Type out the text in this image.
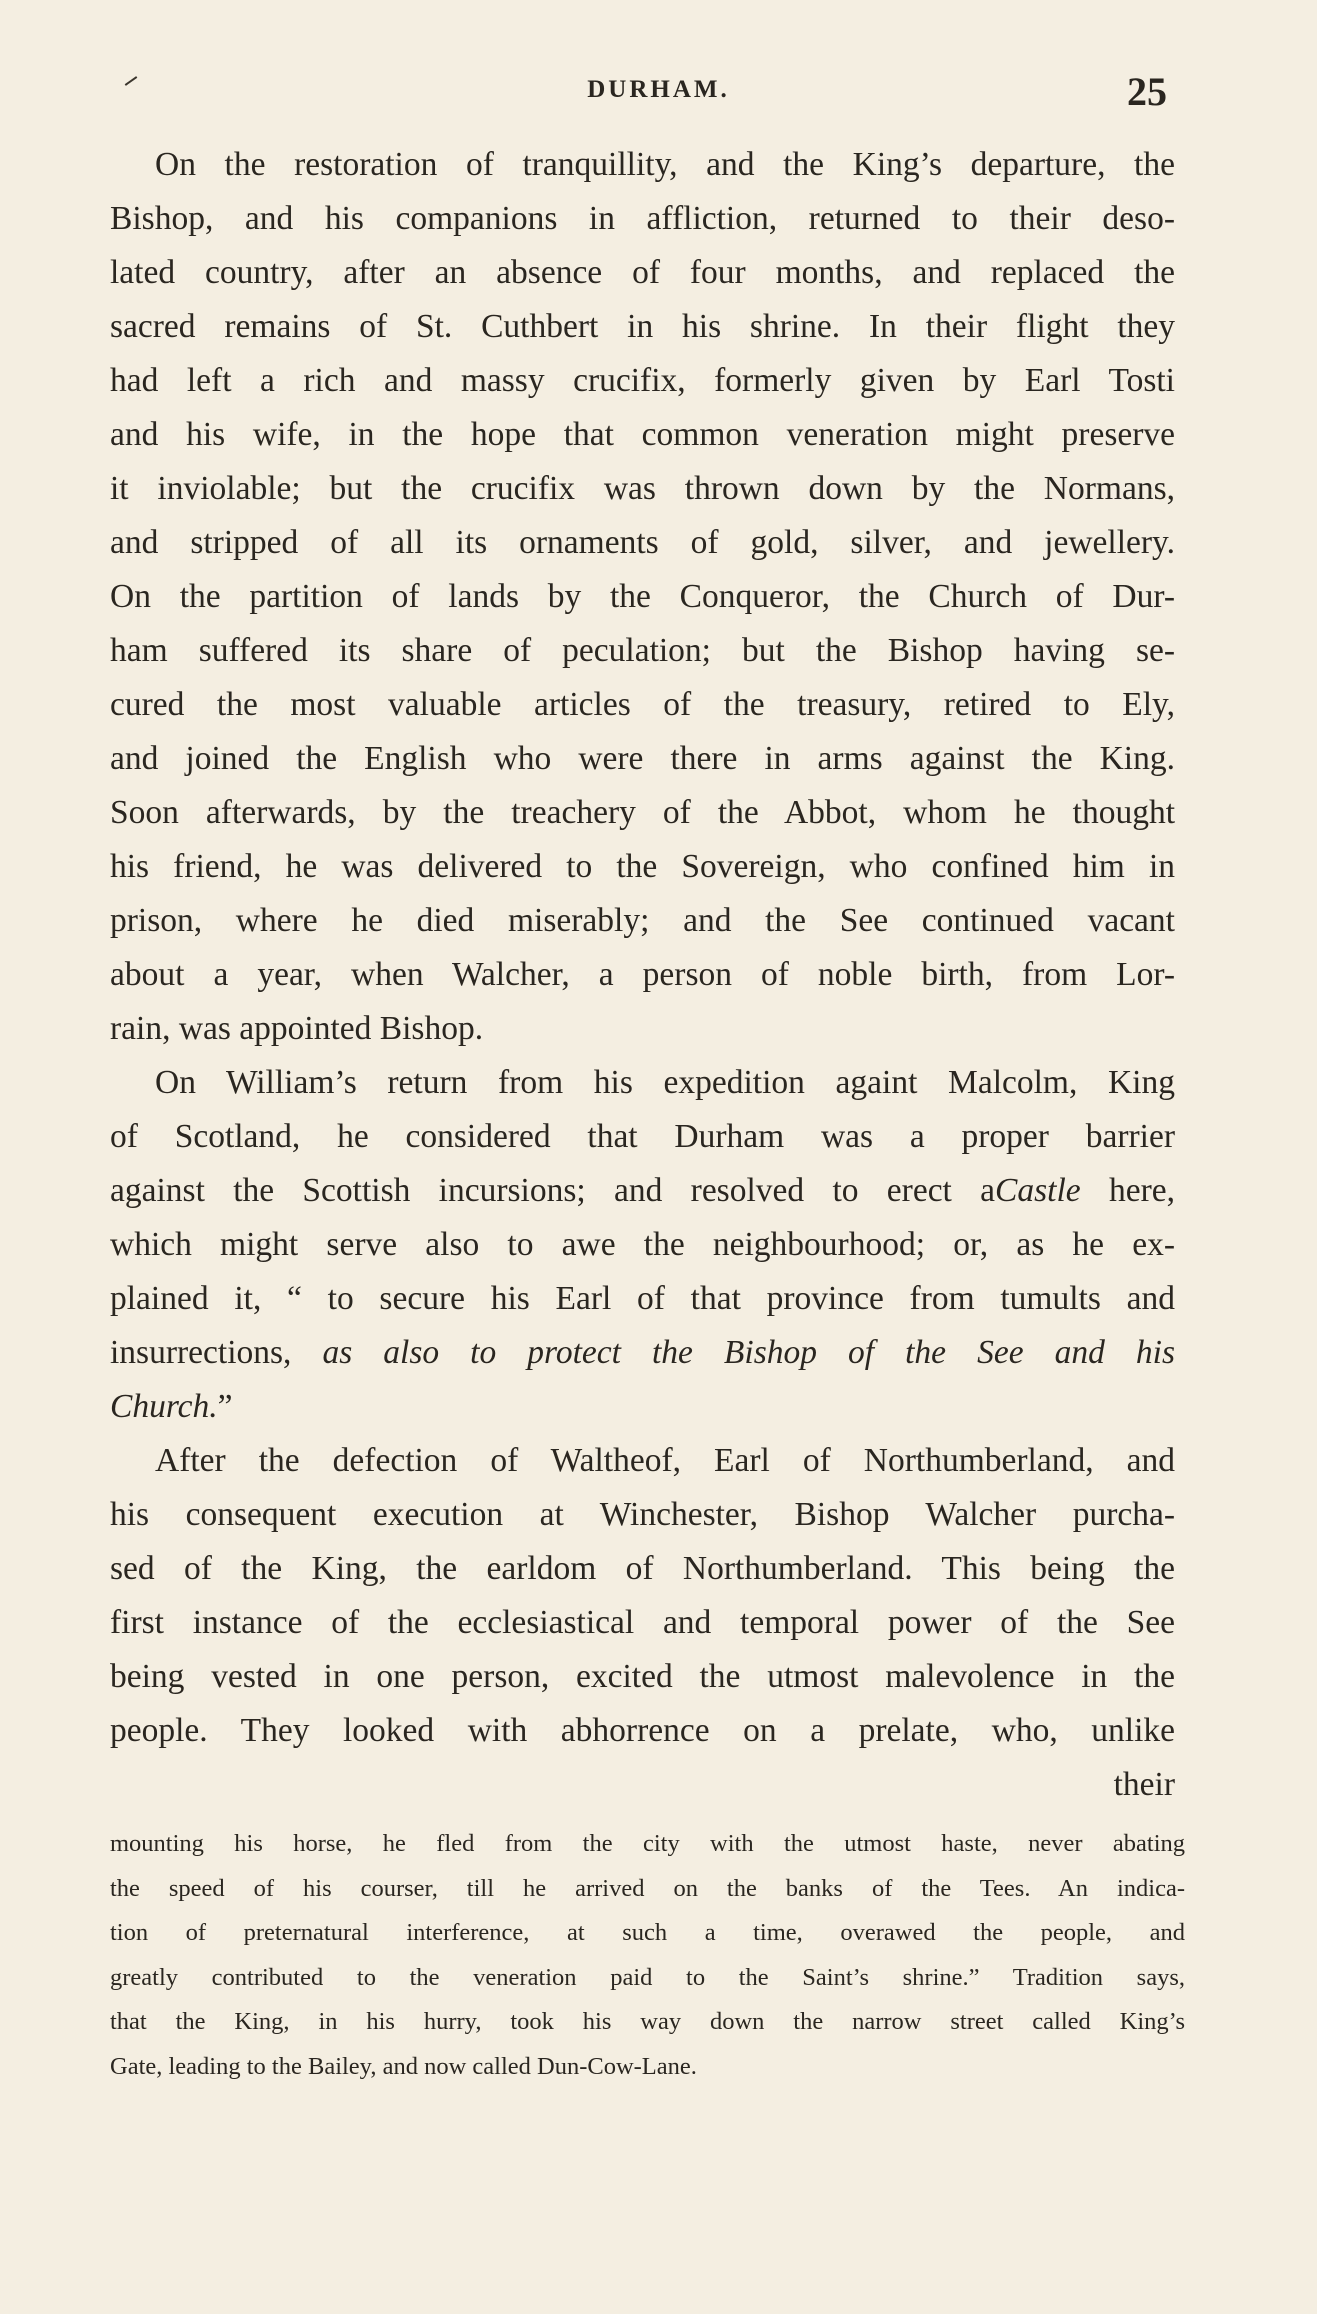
DURHAM.	25
On the restoration of tranquillity, and the King’s departure, the
Bishop, and his companions in affliction, returned to their deso-
lated country, after an absence of four months, and replaced the
sacred remains of St. Cuthbert in his shrine. In their flight they
had left a rich and massy crucifix, formerly given by Earl Tosti
and his wife, in the hope that common veneration might preserve
it inviolable; but the crucifix was thrown down by the Normans,
and stripped of all its ornaments of gold, silver, and jewellery.
On the partition of lands by the Conqueror, the Church of Dur-
ham suffered its share of peculation; but the Bishop having se-
cured the most valuable articles of the treasury, retired to Ely,
and joined the English who were there in arms against the King.
Soon afterwards, by the treachery of the Abbot, whom he thought
his friend, he was delivered to the Sovereign, who confined him in
prison, where he died miserably; and the See continued vacant
about a year, when Walcher, a person of noble birth, from Lor-
rain, was appointed Bishop.
On William’s return from his expedition againt Malcolm, King
of Scotland, he considered that Durham was a proper barrier
against the Scottish incursions; and resolved to erect aCastle here,
which might serve also to awe the neighbourhood; or, as he ex-
plained it, “ to secure his Earl of that province from tumults and
insurrections, as also to protect the Bishop of the See and his
Church.”
After the defection of Waltheof, Earl of Northumberland, and
his consequent execution at Winchester, Bishop Walcher purcha-
sed of the King, the earldom of Northumberland. This being the
first instance of the ecclesiastical and temporal power of the See
being vested in one person, excited the utmost malevolence in the
people. They looked with abhorrence on a prelate, who, unlike
their
mounting his horse, he fled from the city with the utmost haste, never abating
the speed of his courser, till he arrived on the banks of the Tees. An indica-
tion of preternatural interference, at such a time, overawed the people, and
greatly contributed to the veneration paid to the Saint’s shrine.” Tradition says,
that the King, in his hurry, took his way down the narrow street called King’s
Gate, leading to the Bailey, and now called Dun-Cow-Lane.
